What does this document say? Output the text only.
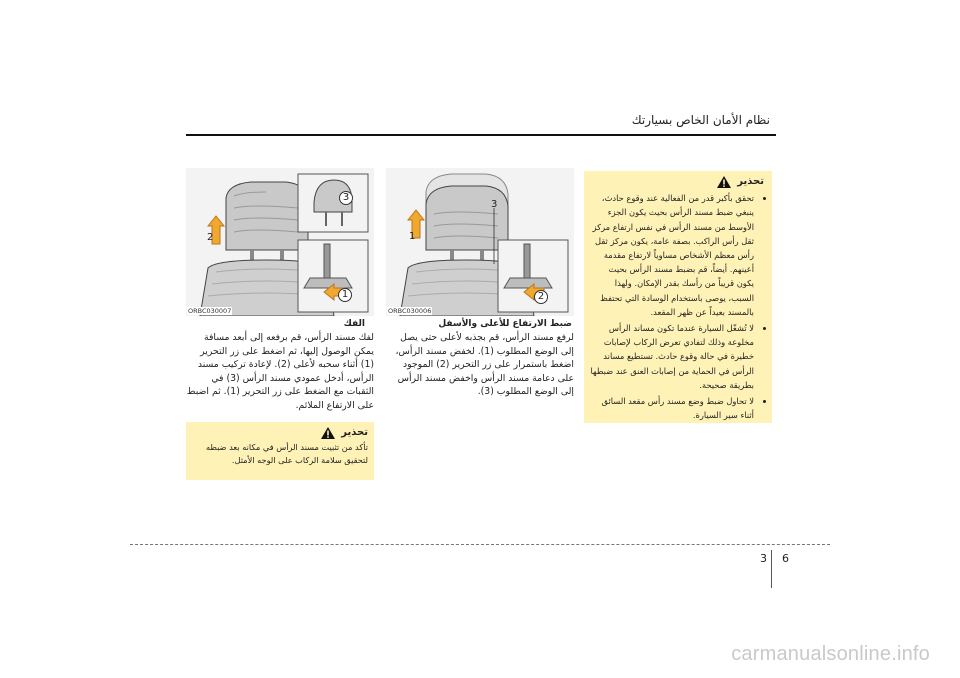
نظام الأمان الخاص بسيارتك
تحذير
• تحقق بأكبر قدر من الفعالية عند وقوع حادث، ينبغي ضبط مسند الرأس بحيث يكون الجزء الأوسط من مسند الرأس في نفس ارتفاع مركز ثقل رأس الراكب. بصفة عامة، يكون مركز ثقل رأس معظم الأشخاص مساوياً لارتفاع مقدمة أعينهم. أيضاً، قم بضبط مسند الرأس بحيث يكون قريباً من رأسك بقدر الإمكان. ولهذا السبب، يوصى باستخدام الوسادة التي تحتفظ بالمسند بعيداً عن ظهر المقعد.
• لا تُشغّل السيارة عندما تكون مساند الرأس مخلوعة وذلك لتفادي تعرض الركاب لإصابات خطيرة في حالة وقوع حادث. تستطيع مساند الرأس في الحماية من إصابات العنق عند ضبطها بطريقة صحيحة.
• لا تحاول ضبط وضع مسند رأس مقعد السائق أثناء سير السيارة.
2
3
1
ORBC030007
1
3
2
ORBC030006
الفك
لفك مسند الرأس، قم برفعه إلى أبعد مسافة يمكن الوصول إليها، ثم اضغط على زر التحرير (1) أثناء سحبه لأعلى (2). لإعادة تركيب مسند الرأس، أدخل عمودي مسند الرأس (3) في الثقبات مع الضغط على زر التحرير (1). ثم اضبط على الارتفاع الملائم.
ضبط الارتفاع للأعلى والأسفل
لرفع مسند الرأس، قم بجذبه لأعلى حتى يصل إلى الوضع المطلوب (1). لخفض مسند الرأس، اضغط باستمرار على زر التحرير (2) الموجود على دعامة مسند الرأس واخفض مسند الرأس إلى الوضع المطلوب (3).
تحذير
تأكد من تثبيت مسند الرأس في مكانه بعد ضبطه لتحقيق سلامة الركاب على الوجه الأمثل.
3 6
carmanualsonline.info
